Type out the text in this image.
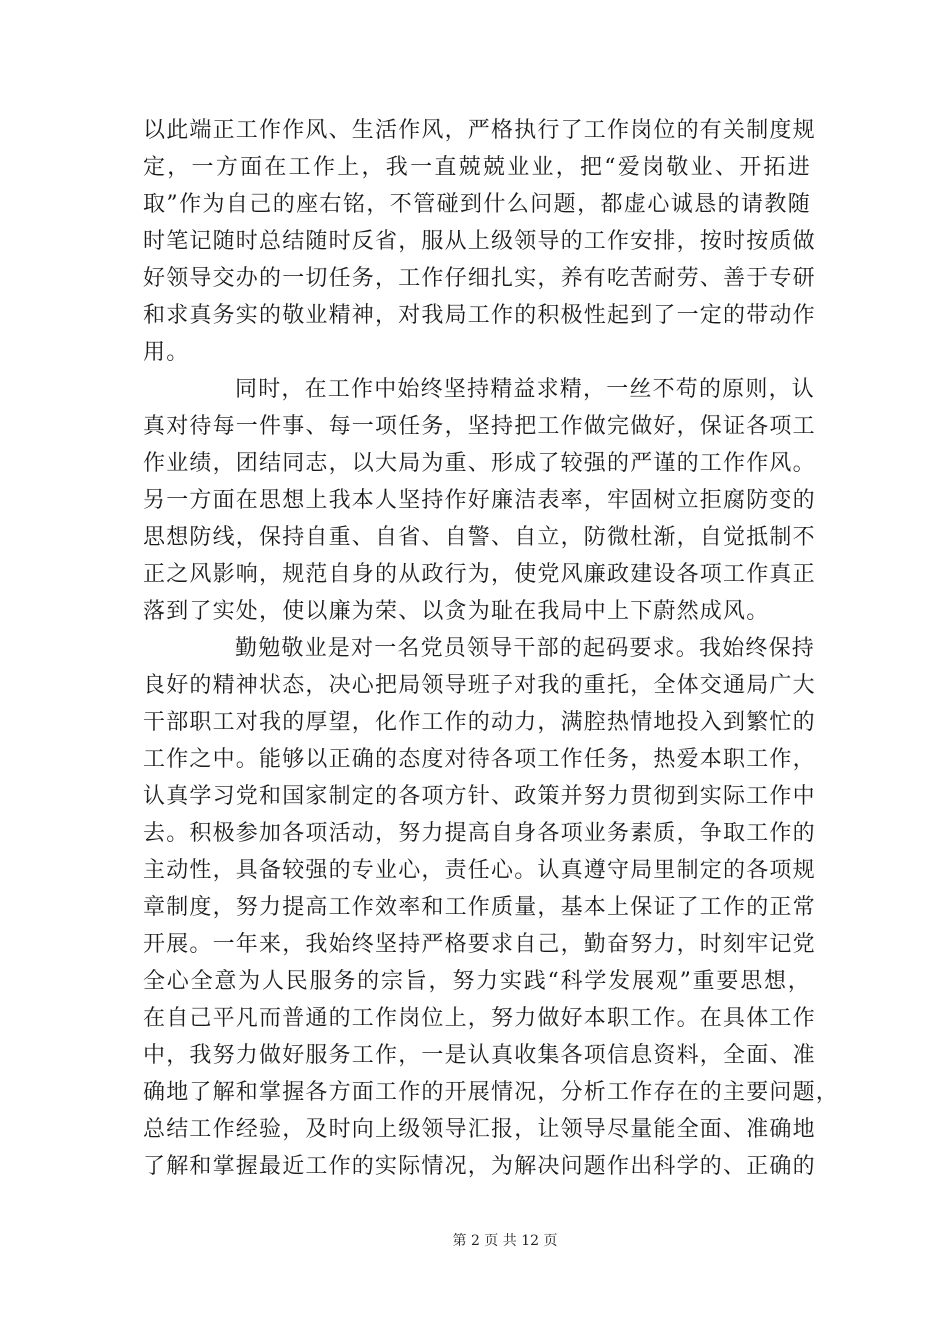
以此端正工作作风、生活作风，严格执行了工作岗位的有关制度规
定，一方面在工作上，我一直兢兢业业，把“爱岗敬业、开拓进
取”作为自己的座右铭，不管碰到什么问题，都虚心诚恳的请教随
时笔记随时总结随时反省，服从上级领导的工作安排，按时按质做
好领导交办的一切任务，工作仔细扎实，养有吃苦耐劳、善于专研
和求真务实的敬业精神，对我局工作的积极性起到了一定的带动作
用。
同时，在工作中始终坚持精益求精，一丝不苟的原则，认
真对待每一件事、每一项任务，坚持把工作做完做好，保证各项工
作业绩，团结同志，以大局为重、形成了较强的严谨的工作作风。
另一方面在思想上我本人坚持作好廉洁表率，牢固树立拒腐防变的
思想防线，保持自重、自省、自警、自立，防微杜渐，自觉抵制不
正之风影响，规范自身的从政行为，使党风廉政建设各项工作真正
落到了实处，使以廉为荣、以贪为耻在我局中上下蔚然成风。
勤勉敬业是对一名党员领导干部的起码要求。我始终保持
良好的精神状态，决心把局领导班子对我的重托，全体交通局广大
干部职工对我的厚望，化作工作的动力，满腔热情地投入到繁忙的
工作之中。能够以正确的态度对待各项工作任务，热爱本职工作，
认真学习党和国家制定的各项方针、政策并努力贯彻到实际工作中
去。积极参加各项活动，努力提高自身各项业务素质，争取工作的
主动性，具备较强的专业心，责任心。认真遵守局里制定的各项规
章制度，努力提高工作效率和工作质量，基本上保证了工作的正常
开展。一年来，我始终坚持严格要求自己，勤奋努力，时刻牢记党
全心全意为人民服务的宗旨，努力实践“科学发展观”重要思想，
在自己平凡而普通的工作岗位上，努力做好本职工作。在具体工作
中，我努力做好服务工作，一是认真收集各项信息资料，全面、准
确地了解和掌握各方面工作的开展情况，分析工作存在的主要问题，
总结工作经验，及时向上级领导汇报，让领导尽量能全面、准确地
了解和掌握最近工作的实际情况，为解决问题作出科学的、正确的
第 2 页 共 12 页
